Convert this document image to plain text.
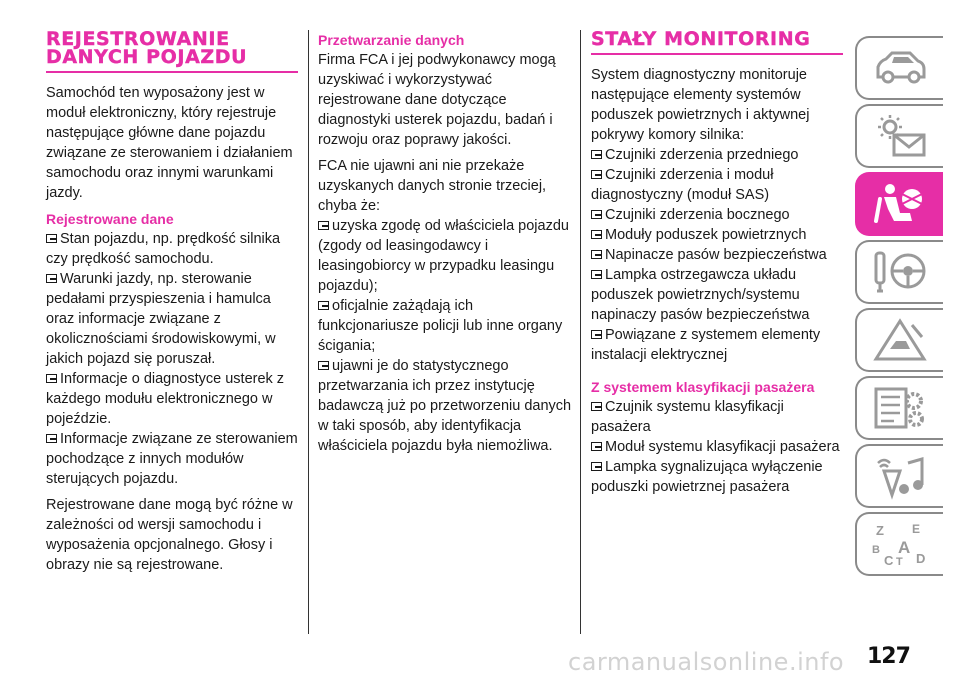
REJESTROWANIE
DANYCH POJAZDU

Samochód ten wyposażony jest w moduł elektroniczny, który rejestruje następujące główne dane pojazdu związane ze sterowaniem i działaniem samochodu oraz innymi warunkami jazdy.

Rejestrowane dane
Stan pojazdu, np. prędkość silnika czy prędkość samochodu.
Warunki jazdy, np. sterowanie pedałami przyspieszenia i hamulca oraz informacje związane z okolicznościami środowiskowymi, w jakich pojazd się poruszał.
Informacje o diagnostyce usterek z każdego modułu elektronicznego w pojeździe.
Informacje związane ze sterowaniem pochodzące z innych modułów sterujących pojazdu.

Rejestrowane dane mogą być różne w zależności od wersji samochodu i wyposażenia opcjonalnego. Głosy i obrazy nie są rejestrowane.

Przetwarzanie danych

Firma FCA i jej podwykonawcy mogą uzyskiwać i wykorzystywać rejestrowane dane dotyczące diagnostyki usterek pojazdu, badań i rozwoju oraz poprawy jakości.

FCA nie ujawni ani nie przekaże uzyskanych danych stronie trzeciej, chyba że:

uzyska zgodę od właściciela pojazdu (zgody od leasingodawcy i leasingobiorcy w przypadku leasingu pojazdu);
oficjalnie zażądają ich funkcjonariusze policji lub inne organy ścigania;
ujawni je do statystycznego przetwarzania ich przez instytucję badawczą już po przetworzeniu danych w taki sposób, aby identyfikacja właściciela pojazdu była niemożliwa.
STAŁY MONITORING

System diagnostyczny monitoruje następujące elementy systemów poduszek powietrznych i aktywnej pokrywy komory silnika:

Czujniki zderzenia przedniego
Czujniki zderzenia i moduł diagnostyczny (moduł SAS)
Czujniki zderzenia bocznego
Moduły poduszek powietrznych
Napinacze pasów bezpieczeństwa
Lampka ostrzegawcza układu poduszek powietrznych/systemu napinaczy pasów bezpieczeństwa
Powiązane z systemem elementy instalacji elektrycznej
Z systemem klasyfikacji pasażera
Czujnik systemu klasyfikacji pasażera
Moduł systemu klasyfikacji pasażera
Lampka sygnalizująca wyłączenie poduszki powietrznej pasażera
Z E
B A
C T D
127
carmanualsonline.info
